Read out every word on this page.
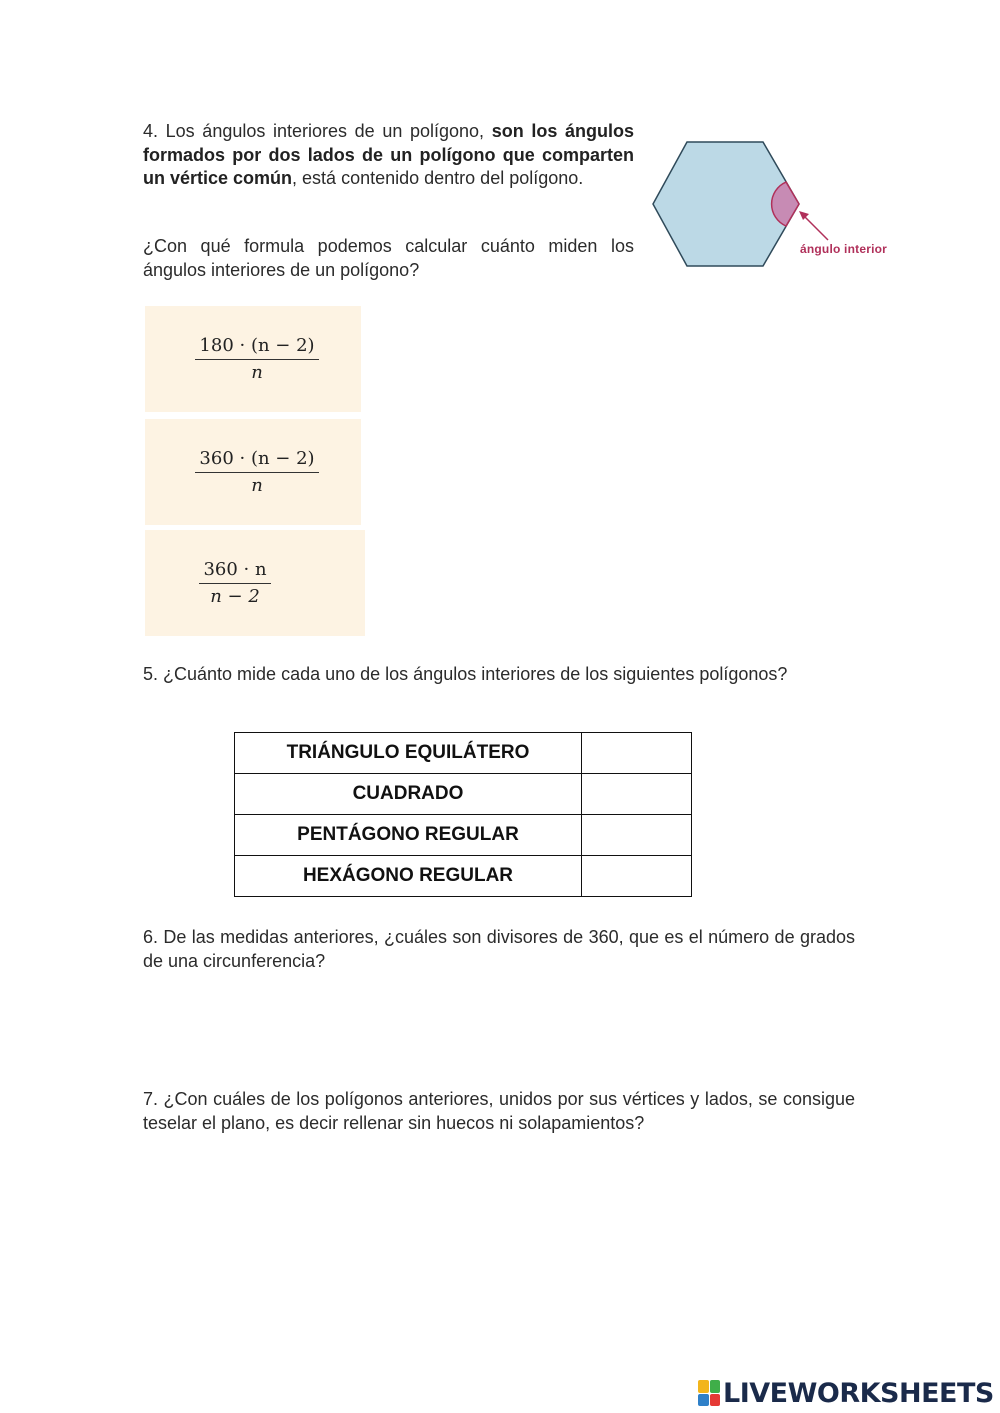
4. Los ángulos interiores de un polígono, son los ángulos formados por dos lados de un polígono que comparten un vértice común, está contenido dentro del polígono.

¿Con qué formula podemos calcular cuánto miden los ángulos interiores de un polígono?

ángulo interior
$\frac{180 \cdot (n - 2)}{n}$
$\frac{360 \cdot (n - 2)}{n}$
$\frac{360 \cdot n}{n - 2}$

5. ¿Cuánto mide cada uno de los ángulos interiores de los siguientes polígonos?

TRIÁNGULO EQUILÁTERO	
CUADRADO	
PENTÁGONO REGULAR	
HEXÁGONO REGULAR	

6. De las medidas anteriores, ¿cuáles son divisores de 360, que es el número de grados de una circunferencia?

7. ¿Con cuáles de los polígonos anteriores, unidos por sus vértices y lados, se consigue teselar el plano, es decir rellenar sin huecos ni solapamientos?

LIVEWORKSHEETS
